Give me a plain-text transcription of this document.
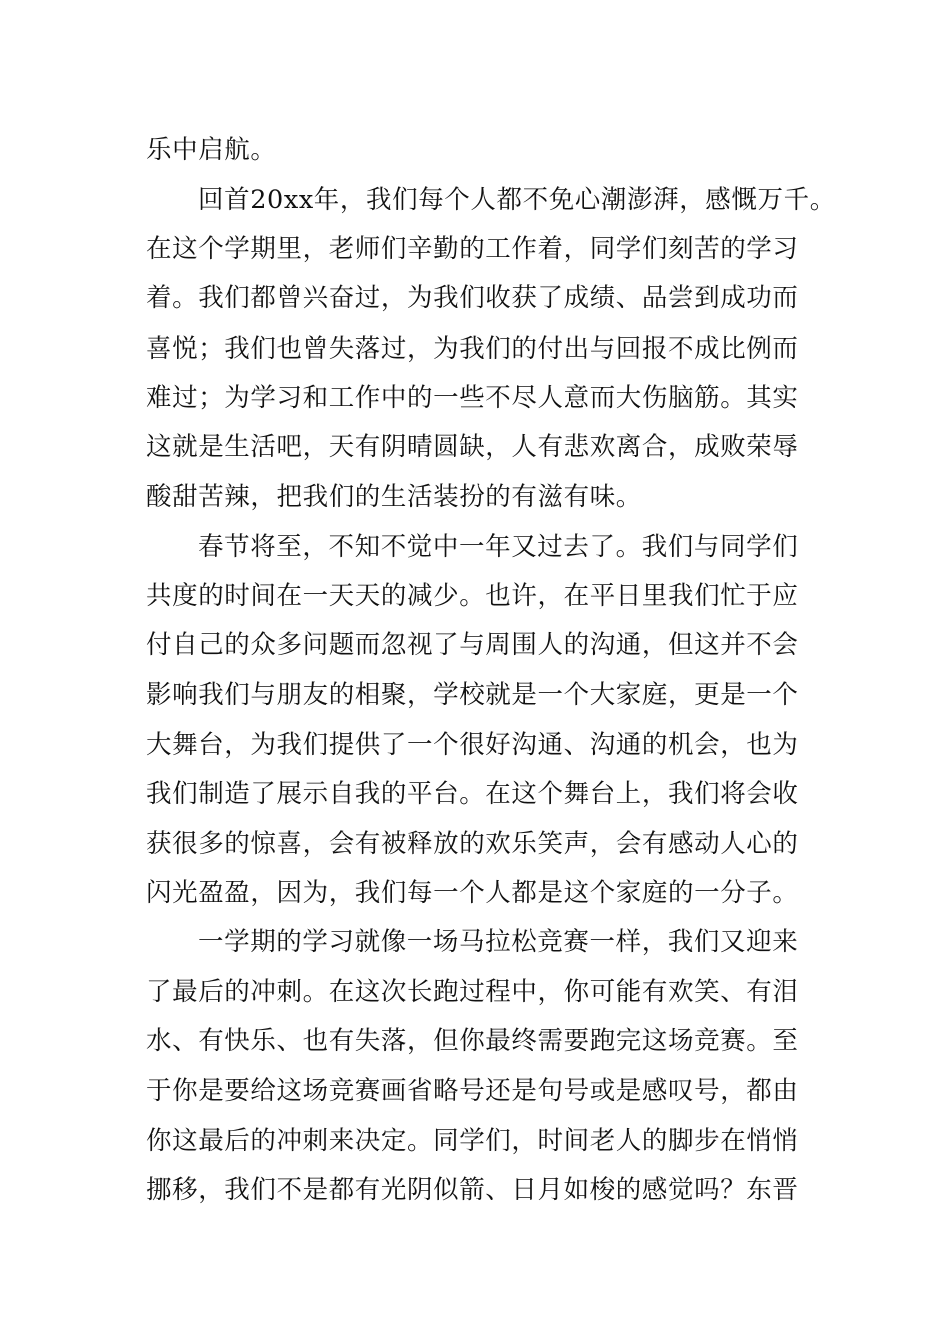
乐中启航。
回首20xx年，我们每个人都不免心潮澎湃，感慨万千。
在这个学期里，老师们辛勤的工作着，同学们刻苦的学习
着。我们都曾兴奋过，为我们收获了成绩、品尝到成功而
喜悦；我们也曾失落过，为我们的付出与回报不成比例而
难过；为学习和工作中的一些不尽人意而大伤脑筋。其实
这就是生活吧，天有阴晴圆缺，人有悲欢离合，成败荣辱
酸甜苦辣，把我们的生活装扮的有滋有味。
春节将至，不知不觉中一年又过去了。我们与同学们
共度的时间在一天天的减少。也许，在平日里我们忙于应
付自己的众多问题而忽视了与周围人的沟通，但这并不会
影响我们与朋友的相聚，学校就是一个大家庭，更是一个
大舞台，为我们提供了一个很好沟通、沟通的机会，也为
我们制造了展示自我的平台。在这个舞台上，我们将会收
获很多的惊喜，会有被释放的欢乐笑声，会有感动人心的
闪光盈盈，因为，我们每一个人都是这个家庭的一分子。
一学期的学习就像一场马拉松竞赛一样，我们又迎来
了最后的冲刺。在这次长跑过程中，你可能有欢笑、有泪
水、有快乐、也有失落，但你最终需要跑完这场竞赛。至
于你是要给这场竞赛画省略号还是句号或是感叹号，都由
你这最后的冲刺来决定。同学们，时间老人的脚步在悄悄
挪移，我们不是都有光阴似箭、日月如梭的感觉吗？东晋
